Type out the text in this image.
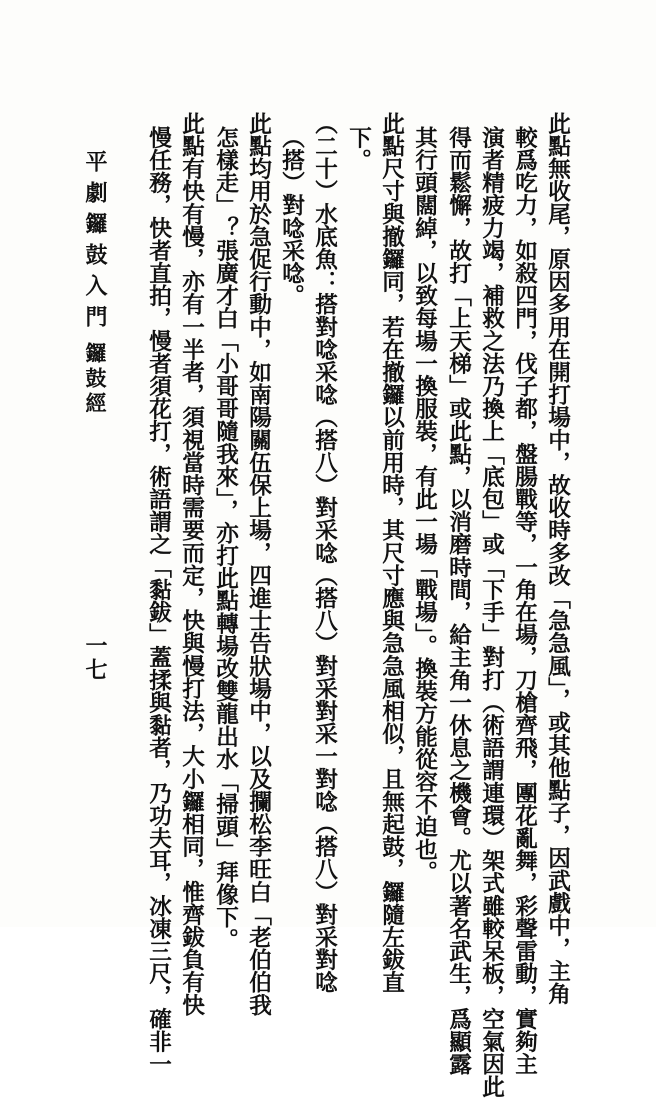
平劇鑼鼓入門
鑼鼓經
一七	此點無收尾，原因多用在開打場中，故收時多改「急急風」，或其他點子，因武戲中，主角
較爲吃力，如殺四門，伐子都，盤腸戰等，一角在場，刀槍齊飛，團花亂舞，彩聲雷動，實夠主
演者精疲力竭，補救之法乃換上「底包」或「下手」對打（術語謂連環）架式雖較呆板，空氣因此
得而鬆懈，故打「上天梯」或此點，以消磨時間，給主角一休息之機會。尤以著名武生，爲顯露
其行頭闊綽，以致每場一換服裝，有此一場「戰場」。換裝方能從容不迫也。
此點尺寸與撤鑼同，若在撤鑼以前用時，其尺寸應與急急風相似，且無起鼓，鑼隨左鈸直
下。
（二十）水底魚：搭對唸采唸（搭八）對采唸（搭八）對采對采一對唸（搭八）對采對唸
（搭）對唸采唸。
此點均用於急促行動中，如南陽關伍保上場，四進士告狀場中，以及攔松李旺白「老伯伯我
怎樣走」？張廣才白「小哥哥隨我來」，亦打此點轉場改雙龍出水「掃頭」拜像下。
此點有快有慢，亦有一半者，須視當時需要而定，快與慢打法，大小鑼相同，惟齊鈸負有快
慢任務，快者直拍，慢者須花打，術語謂之「黏鈸」蓋揉與黏者，乃功夫耳，冰凍三尺，確非一
